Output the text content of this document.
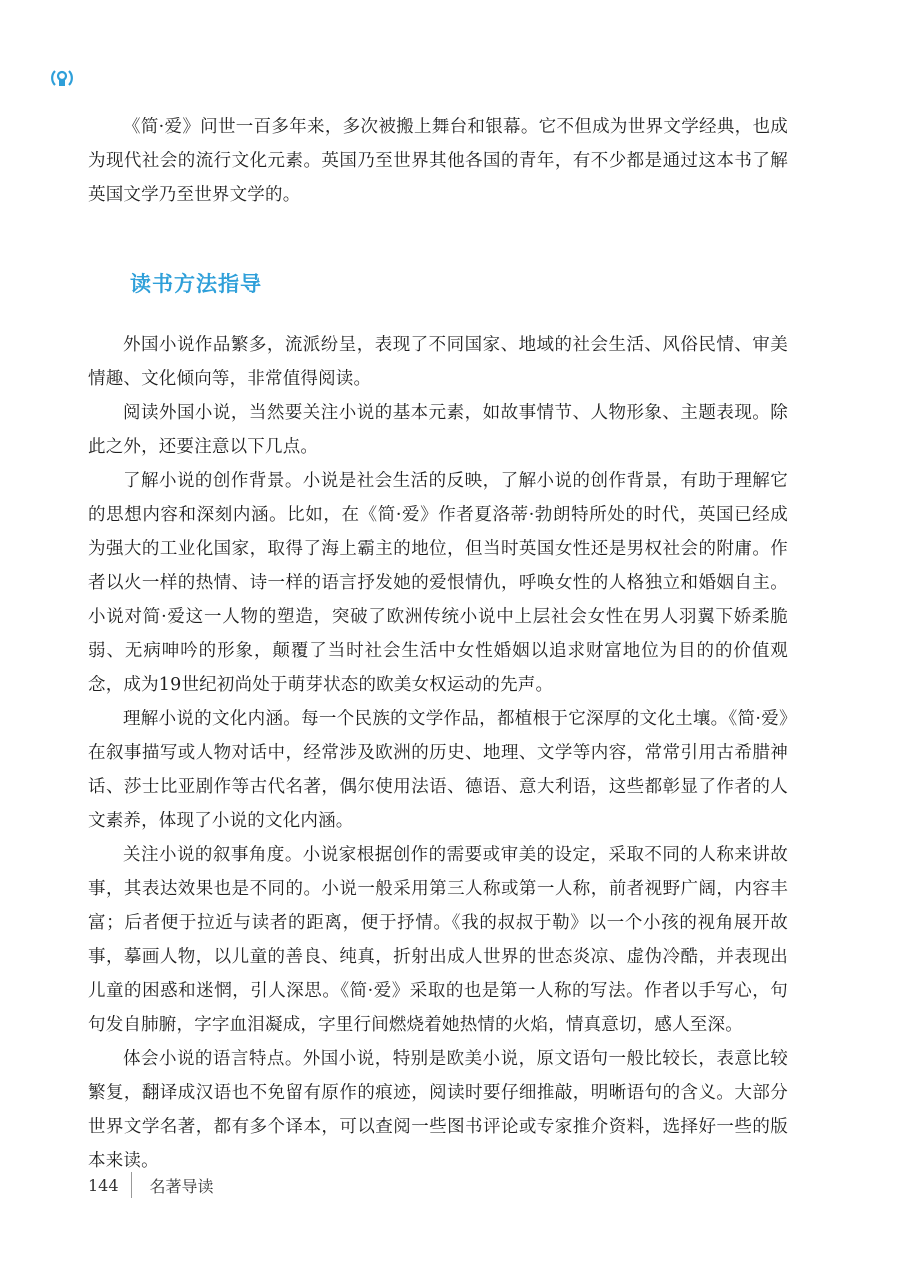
《简·爱》问世一百多年来，多次被搬上舞台和银幕。它不但成为世界文学经典，也成为现代社会的流行文化元素。英国乃至世界其他各国的青年，有不少都是通过这本书了解英国文学乃至世界文学的。

读书方法指导

外国小说作品繁多，流派纷呈，表现了不同国家、地域的社会生活、风俗民情、审美情趣、文化倾向等，非常值得阅读。

阅读外国小说，当然要关注小说的基本元素，如故事情节、人物形象、主题表现。除此之外，还要注意以下几点。

了解小说的创作背景。小说是社会生活的反映，了解小说的创作背景，有助于理解它的思想内容和深刻内涵。比如，在《简·爱》作者夏洛蒂·勃朗特所处的时代，英国已经成为强大的工业化国家，取得了海上霸主的地位，但当时英国女性还是男权社会的附庸。作者以火一样的热情、诗一样的语言抒发她的爱恨情仇，呼唤女性的人格独立和婚姻自主。小说对简·爱这一人物的塑造，突破了欧洲传统小说中上层社会女性在男人羽翼下娇柔脆弱、无病呻吟的形象，颠覆了当时社会生活中女性婚姻以追求财富地位为目的的价值观念，成为19世纪初尚处于萌芽状态的欧美女权运动的先声。

理解小说的文化内涵。每一个民族的文学作品，都植根于它深厚的文化土壤。《简·爱》在叙事描写或人物对话中，经常涉及欧洲的历史、地理、文学等内容，常常引用古希腊神话、莎士比亚剧作等古代名著，偶尔使用法语、德语、意大利语，这些都彰显了作者的人文素养，体现了小说的文化内涵。

关注小说的叙事角度。小说家根据创作的需要或审美的设定，采取不同的人称来讲故事，其表达效果也是不同的。小说一般采用第三人称或第一人称，前者视野广阔，内容丰富；后者便于拉近与读者的距离，便于抒情。《我的叔叔于勒》以一个小孩的视角展开故事，摹画人物，以儿童的善良、纯真，折射出成人世界的世态炎凉、虚伪冷酷，并表现出儿童的困惑和迷惘，引人深思。《简·爱》采取的也是第一人称的写法。作者以手写心，句句发自肺腑，字字血泪凝成，字里行间燃烧着她热情的火焰，情真意切，感人至深。

体会小说的语言特点。外国小说，特别是欧美小说，原文语句一般比较长，表意比较繁复，翻译成汉语也不免留有原作的痕迹，阅读时要仔细推敲，明晰语句的含义。大部分世界文学名著，都有多个译本，可以查阅一些图书评论或专家推介资料，选择好一些的版本来读。

144 名著导读
